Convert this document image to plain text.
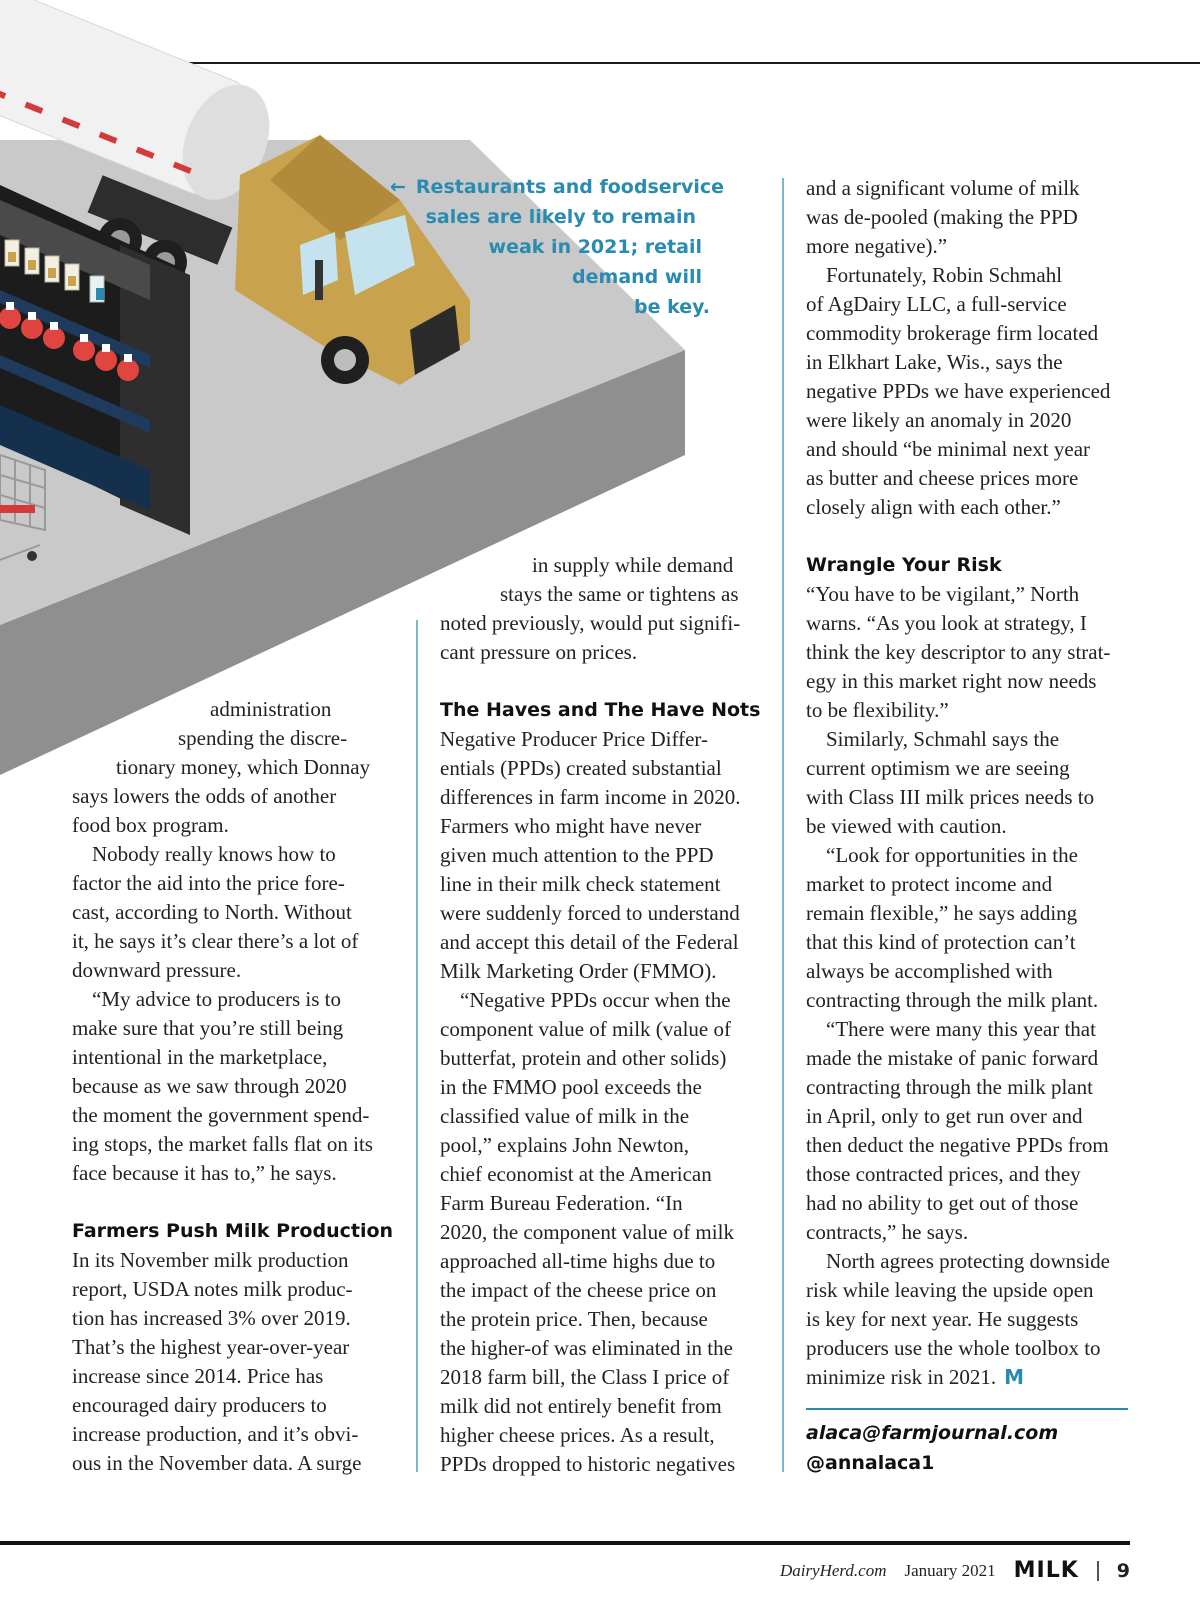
← Restaurants and foodservice
sales are likely to remain
weak in 2021; retail
demand will
be key.

administration
spending the discre-
tionary money, which Donnay
says lowers the odds of another
food box program.

Nobody really knows how to
factor the aid into the price fore-
cast, according to North. Without
it, he says it’s clear there’s a lot of
downward pressure.

“My advice to producers is to
make sure that you’re still being
intentional in the marketplace,
because as we saw through 2020
the moment the government spend-
ing stops, the market falls flat on its
face because it has to,” he says.

Farmers Push Milk Production

In its November milk production
report, USDA notes milk produc-
tion has increased 3% over 2019.
That’s the highest year-over-year
increase since 2014. Price has
encouraged dairy producers to
increase production, and it’s obvi-
ous in the November data. A surge

in supply while demand
stays the same or tightens as
noted previously, would put signifi-
cant pressure on prices.

The Haves and The Have Nots

Negative Producer Price Differ-
entials (PPDs) created substantial
differences in farm income in 2020.
Farmers who might have never
given much attention to the PPD
line in their milk check statement
were suddenly forced to understand
and accept this detail of the Federal
Milk Marketing Order (FMMO).

“Negative PPDs occur when the
component value of milk (value of
butterfat, protein and other solids)
in the FMMO pool exceeds the
classified value of milk in the
pool,” explains John Newton,
chief economist at the American
Farm Bureau Federation. “In
2020, the component value of milk
approached all-time highs due to
the impact of the cheese price on
the protein price. Then, because
the higher-of was eliminated in the
2018 farm bill, the Class I price of
milk did not entirely benefit from
higher cheese prices. As a result,
PPDs dropped to historic negatives

and a significant volume of milk
was de-pooled (making the PPD
more negative).”

Fortunately, Robin Schmahl
of AgDairy LLC, a full-service
commodity brokerage firm located
in Elkhart Lake, Wis., says the
negative PPDs we have experienced
were likely an anomaly in 2020
and should “be minimal next year
as butter and cheese prices more
closely align with each other.”

Wrangle Your Risk

“You have to be vigilant,” North
warns. “As you look at strategy, I
think the key descriptor to any strat-
egy in this market right now needs
to be flexibility.”

Similarly, Schmahl says the
current optimism we are seeing
with Class III milk prices needs to
be viewed with caution.

“Look for opportunities in the
market to protect income and
remain flexible,” he says adding
that this kind of protection can’t
always be accomplished with
contracting through the milk plant.

“There were many this year that
made the mistake of panic forward
contracting through the milk plant
in April, only to get run over and
then deduct the negative PPDs from
those contracted prices, and they
had no ability to get out of those
contracts,” he says.

North agrees protecting downside
risk while leaving the upside open
is key for next year. He suggests
producers use the whole toolbox to
minimize risk in 2021. M

alaca@farmjournal.com
@annalaca1
DairyHerd.com January 2021 MILK 9
